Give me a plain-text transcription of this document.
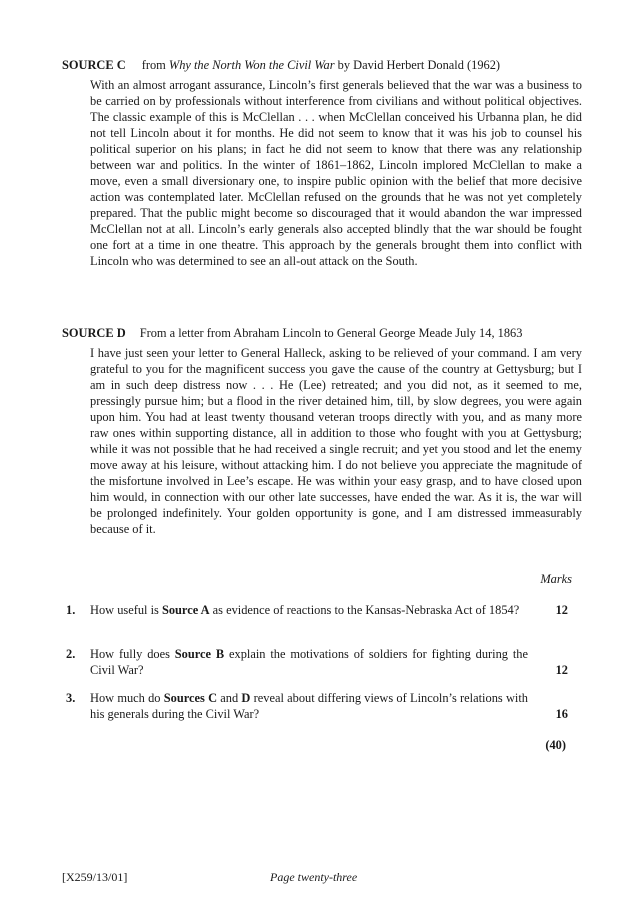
SOURCE C	from Why the North Won the Civil War by David Herbert Donald (1962)
With an almost arrogant assurance, Lincoln’s first generals believed that the war was a business to be carried on by professionals without interference from civilians and without political objectives. The classic example of this is McClellan . . . when McClellan conceived his Urbanna plan, he did not tell Lincoln about it for months. He did not seem to know that it was his job to counsel his political superior on his plans; in fact he did not seem to know that there was any relationship between war and politics. In the winter of 1861–1862, Lincoln implored McClellan to make a move, even a small diversionary one, to inspire public opinion with the belief that more decisive action was contemplated later. McClellan refused on the grounds that he was not yet completely prepared. That the public might become so discouraged that it would abandon the war impressed McClellan not at all. Lincoln’s early generals also accepted blindly that the war should be fought one fort at a time in one theatre. This approach by the generals brought them into conflict with Lincoln who was determined to see an all-out attack on the South.
SOURCE D	From a letter from Abraham Lincoln to General George Meade July 14, 1863
I have just seen your letter to General Halleck, asking to be relieved of your command. I am very grateful to you for the magnificent success you gave the cause of the country at Gettysburg; but I am in such deep distress now . . . He (Lee) retreated; and you did not, as it seemed to me, pressingly pursue him; but a flood in the river detained him, till, by slow degrees, you were again upon him. You had at least twenty thousand veteran troops directly with you, and as many more raw ones within supporting distance, all in addition to those who fought with you at Gettysburg; while it was not possible that he had received a single recruit; and yet you stood and let the enemy move away at his leisure, without attacking him. I do not believe you appreciate the magnitude of the misfortune involved in Lee’s escape. He was within your easy grasp, and to have closed upon him would, in connection with our other late successes, have ended the war. As it is, the war will be prolonged indefinitely. Your golden opportunity is gone, and I am distressed immeasurably because of it.
Marks
1.	How useful is Source A as evidence of reactions to the Kansas-Nebraska Act of 1854?	12
2.	How fully does Source B explain the motivations of soldiers for fighting during the Civil War?	12
3.	How much do Sources C and D reveal about differing views of Lincoln’s relations with his generals during the Civil War?	16
(40)
[X259/13/01]	Page twenty-three
